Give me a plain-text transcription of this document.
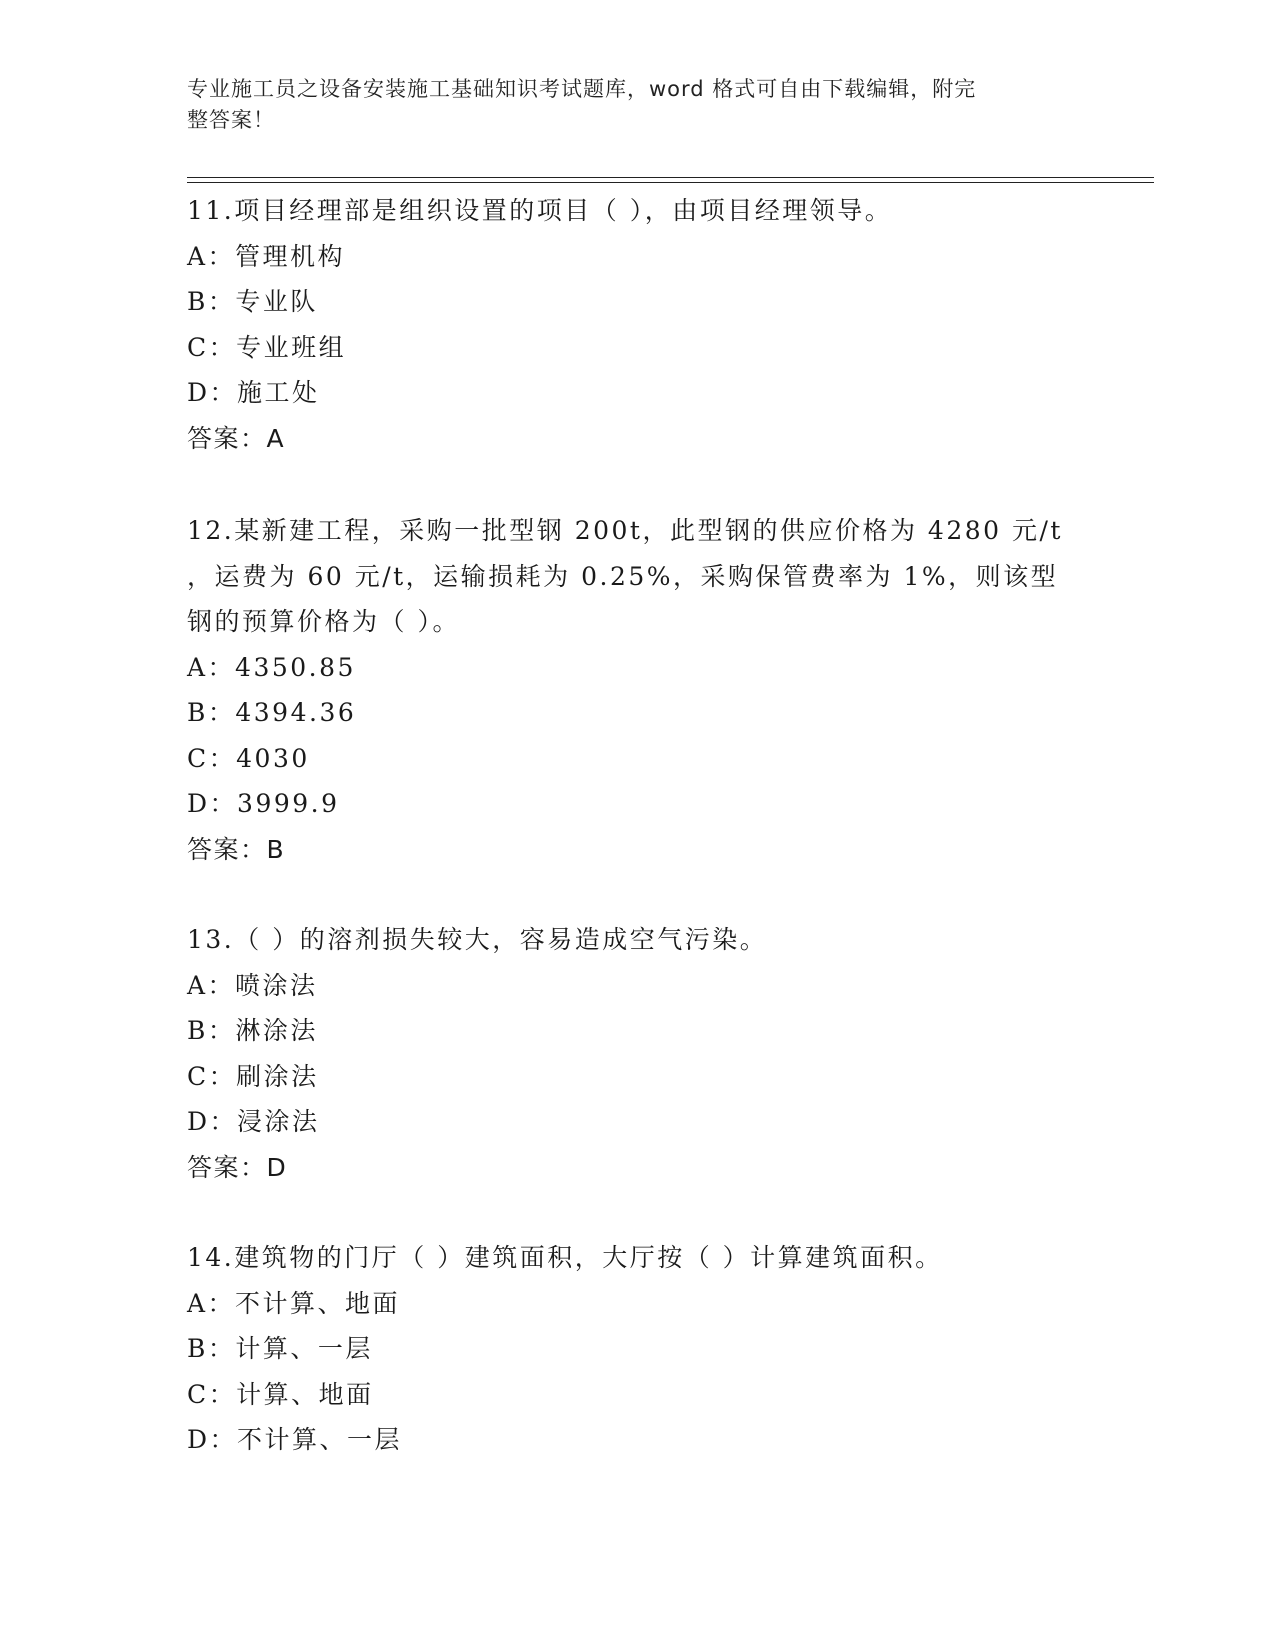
专业施工员之设备安装施工基础知识考试题库，word 格式可自由下载编辑，附完
整答案！
11.项目经理部是组织设置的项目（ ），由项目经理领导。
A：管理机构
B：专业队
C：专业班组
D：施工处
答案：A
12.某新建工程，采购一批型钢 200t，此型钢的供应价格为 4280 元/t
，运费为 60 元/t，运输损耗为 0.25%，采购保管费率为 1%，则该型
钢的预算价格为（ ）。
A：4350.85
B：4394.36
C：4030
D：3999.9
答案：B
13.（ ）的溶剂损失较大，容易造成空气污染。
A：喷涂法
B：淋涂法
C：刷涂法
D：浸涂法
答案：D
14.建筑物的门厅（ ）建筑面积，大厅按（ ）计算建筑面积。
A：不计算、地面
B：计算、一层
C：计算、地面
D：不计算、一层
